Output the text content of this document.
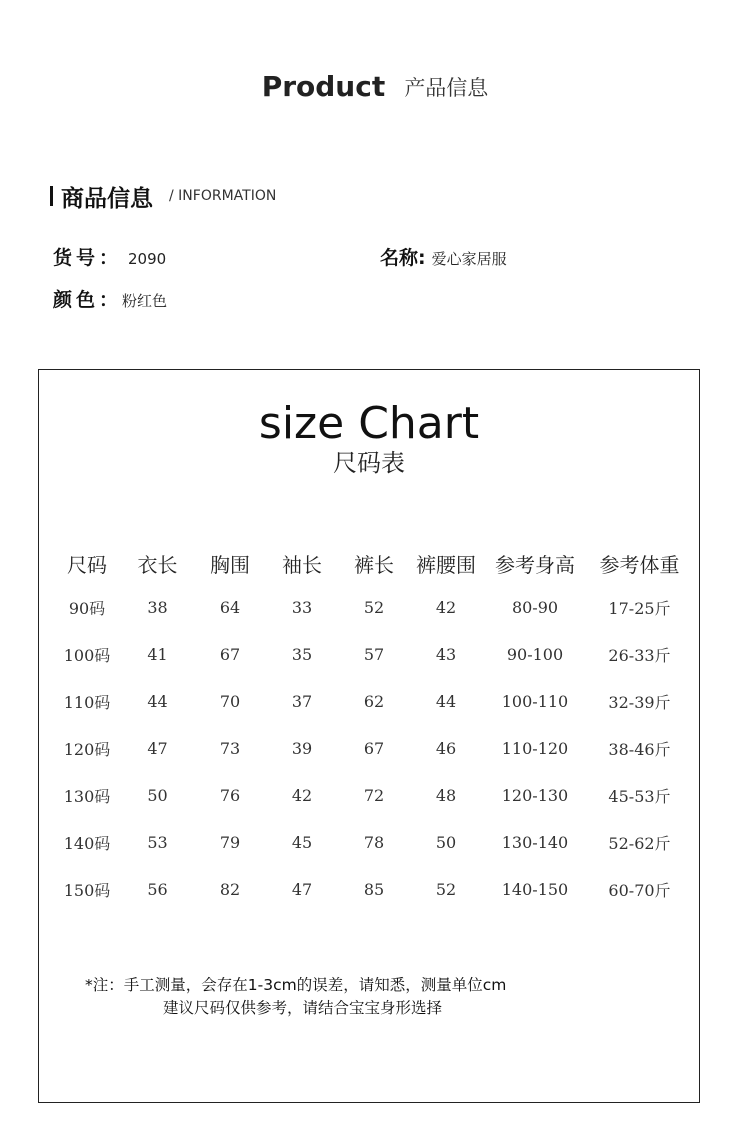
Product 产品信息
商品信息 / INFORMATION
货号： 2090	名称: 爱心家居服
颜色： 粉红色
size Chart
尺码表
尺码	衣长	胸围	袖长	裤长	裤腰围	参考身高	参考体重
90码	38	64	33	52	42	80-90	17-25斤
100码	41	67	35	57	43	90-100	26-33斤
110码	44	70	37	62	44	100-110	32-39斤
120码	47	73	39	67	46	110-120	38-46斤
130码	50	76	42	72	48	120-130	45-53斤
140码	53	79	45	78	50	130-140	52-62斤
150码	56	82	47	85	52	140-150	60-70斤
*注：手工测量，会存在1-3cm的误差，请知悉，测量单位cm
建议尺码仅供参考，请结合宝宝身形选择
